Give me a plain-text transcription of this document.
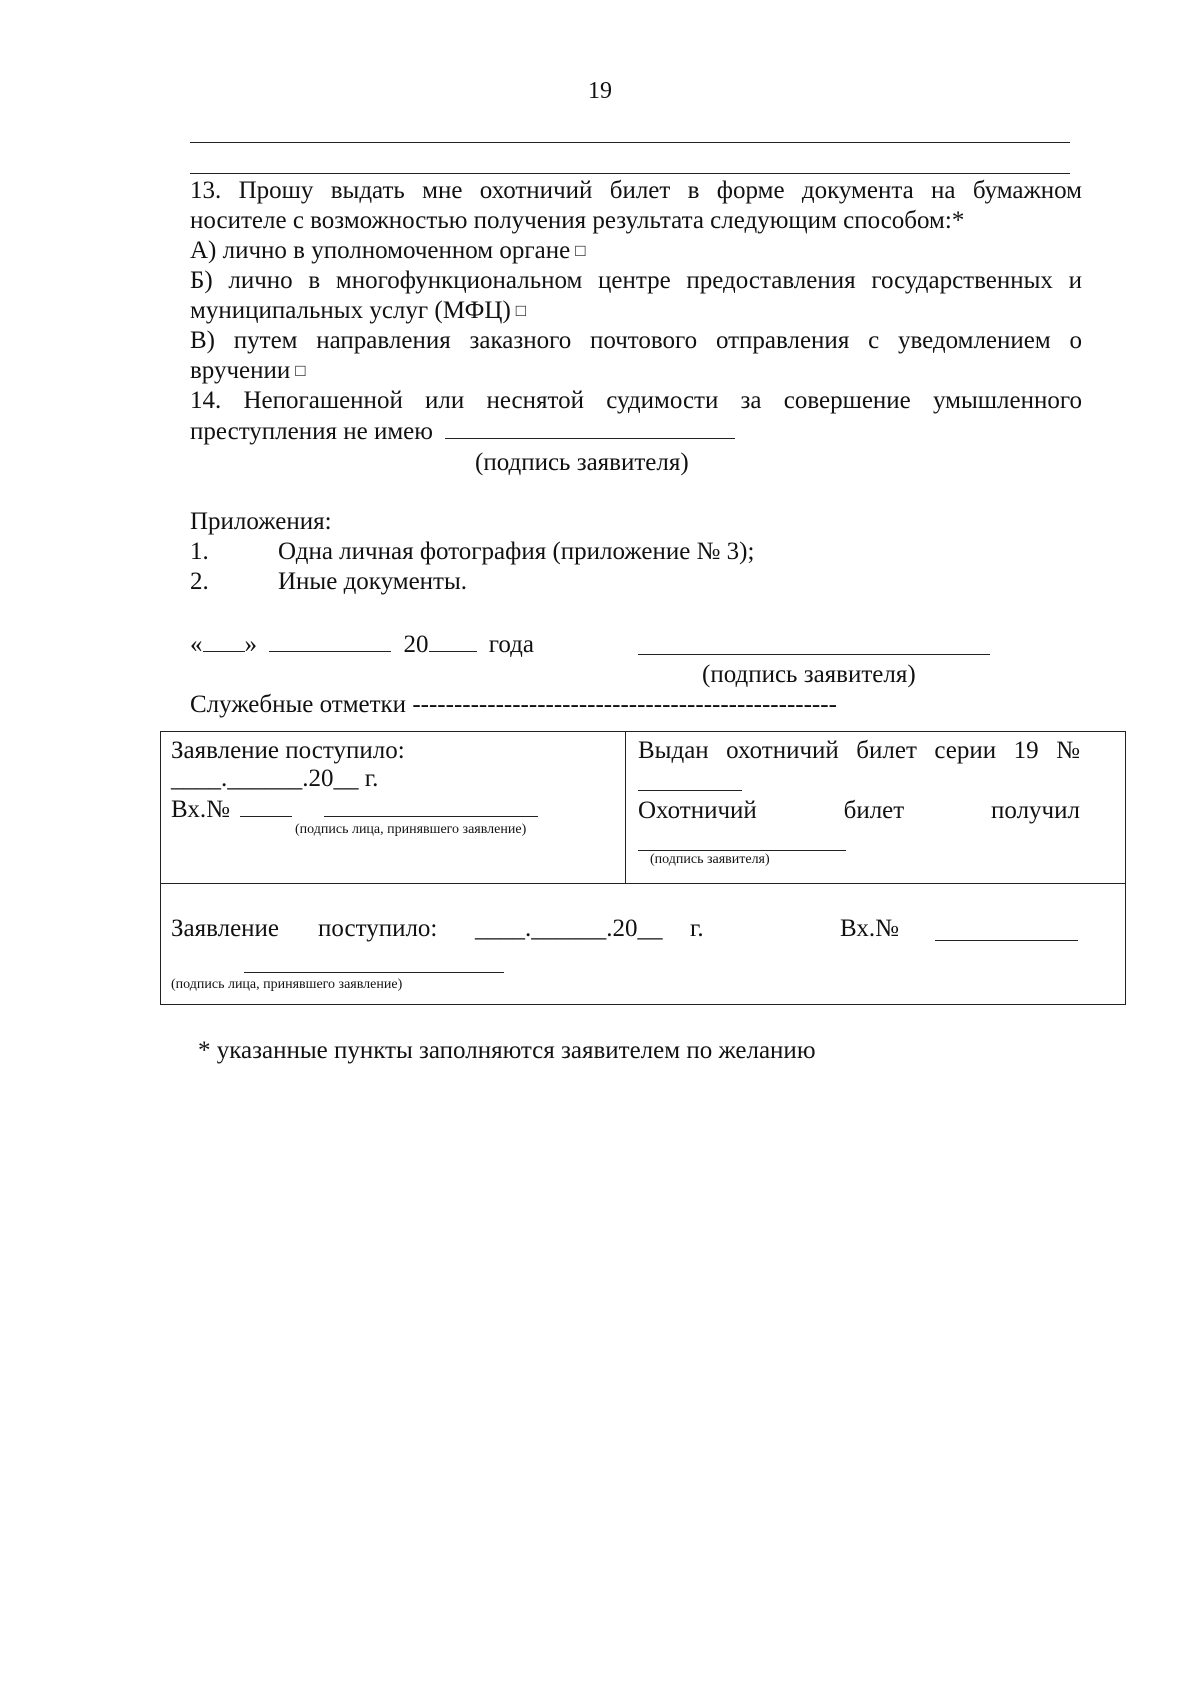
19
13. Прошу выдать мне охотничий билет в форме документа на бумажном
носителе с возможностью получения результата следующим способом:*
А) лично в уполномоченном органе □
Б) лично в многофункциональном центре предоставления государственных и
муниципальных услуг (МФЦ) □
В) путем направления заказного почтового отправления с уведомлением о
вручении □
14. Непогашенной или неснятой судимости за совершение умышленного
преступления не имею
(подпись заявителя)
Приложения:
1.	Одна личная фотография (приложение № 3);
2.	Иные документы.
« »	20 года
(подпись заявителя)
Служебные отметки ---------------------------------------------------
Заявление поступило:
____.______.20__ г.
Вх.№
(подпись лица, принявшего заявление)
Выдан охотничий билет серии 19 №
Охотничий	билет	получил
(подпись заявителя)
Заявление поступило: ____.______.20__ г.	Вх.№
(подпись лица, принявшего заявление)
* указанные пункты заполняются заявителем по желанию
